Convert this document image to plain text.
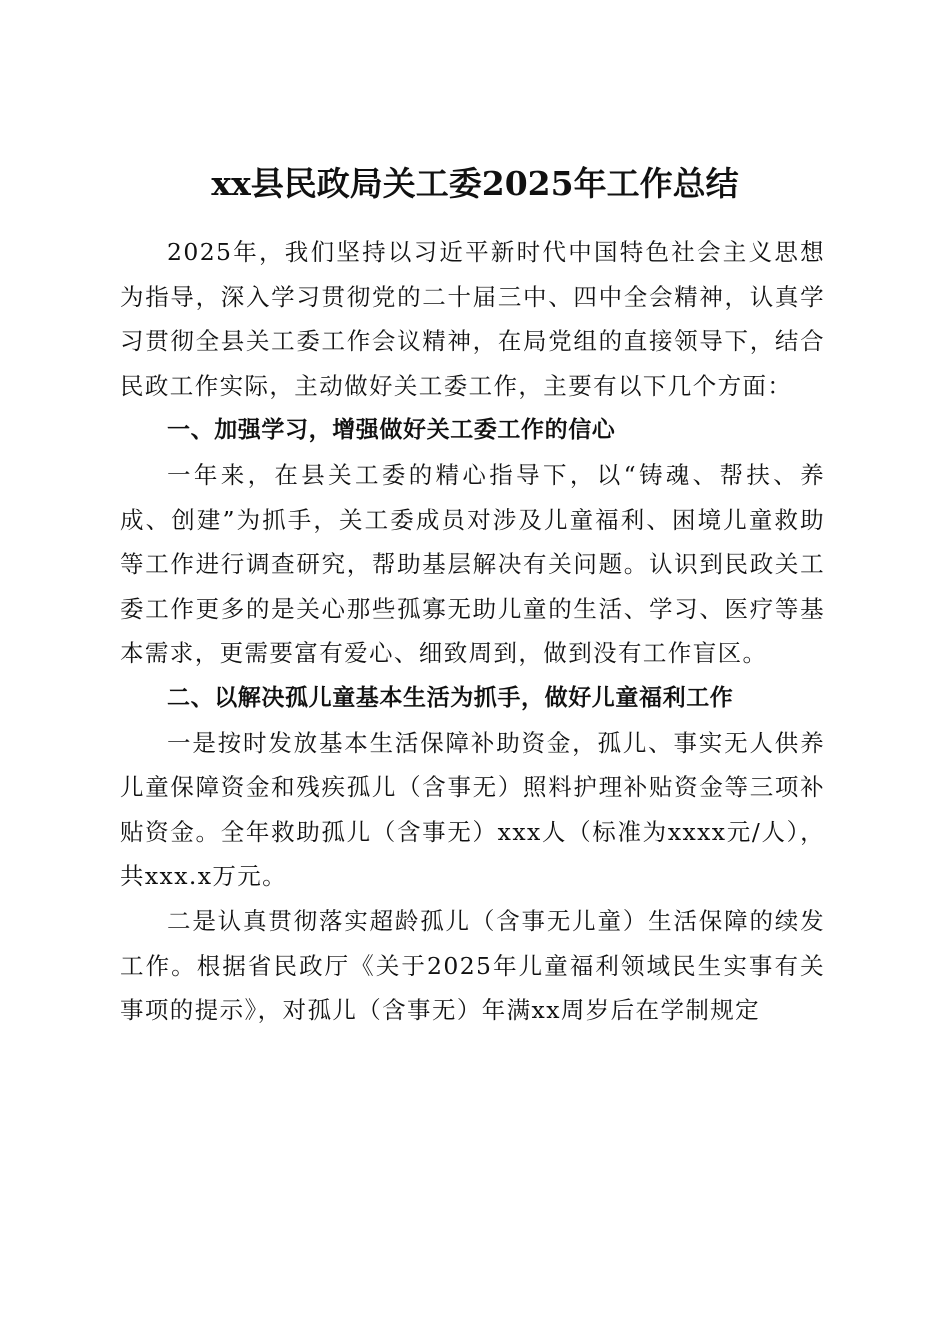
xx县民政局关工委2025年工作总结

2025年，我们坚持以习近平新时代中国特色社会主义思想为指导，深入学习贯彻党的二十届三中、四中全会精神，认真学习贯彻全县关工委工作会议精神，在局党组的直接领导下，结合民政工作实际，主动做好关工委工作，主要有以下几个方面：

一、加强学习，增强做好关工委工作的信心

一年来，在县关工委的精心指导下，以“铸魂、帮扶、养成、创建”为抓手，关工委成员对涉及儿童福利、困境儿童救助等工作进行调查研究，帮助基层解决有关问题。认识到民政关工委工作更多的是关心那些孤寡无助儿童的生活、学习、医疗等基本需求，更需要富有爱心、细致周到，做到没有工作盲区。

二、以解决孤儿童基本生活为抓手，做好儿童福利工作

一是按时发放基本生活保障补助资金，孤儿、事实无人供养儿童保障资金和残疾孤儿（含事无）照料护理补贴资金等三项补贴资金。全年救助孤儿（含事无）xxx人（标准为xxxx元/人），共xxx.x万元。

二是认真贯彻落实超龄孤儿（含事无儿童）生活保障的续发工作。根据省民政厅《关于2025年儿童福利领域民生实事有关事项的提示》，对孤儿（含事无）年满xx周岁后在学制规定
